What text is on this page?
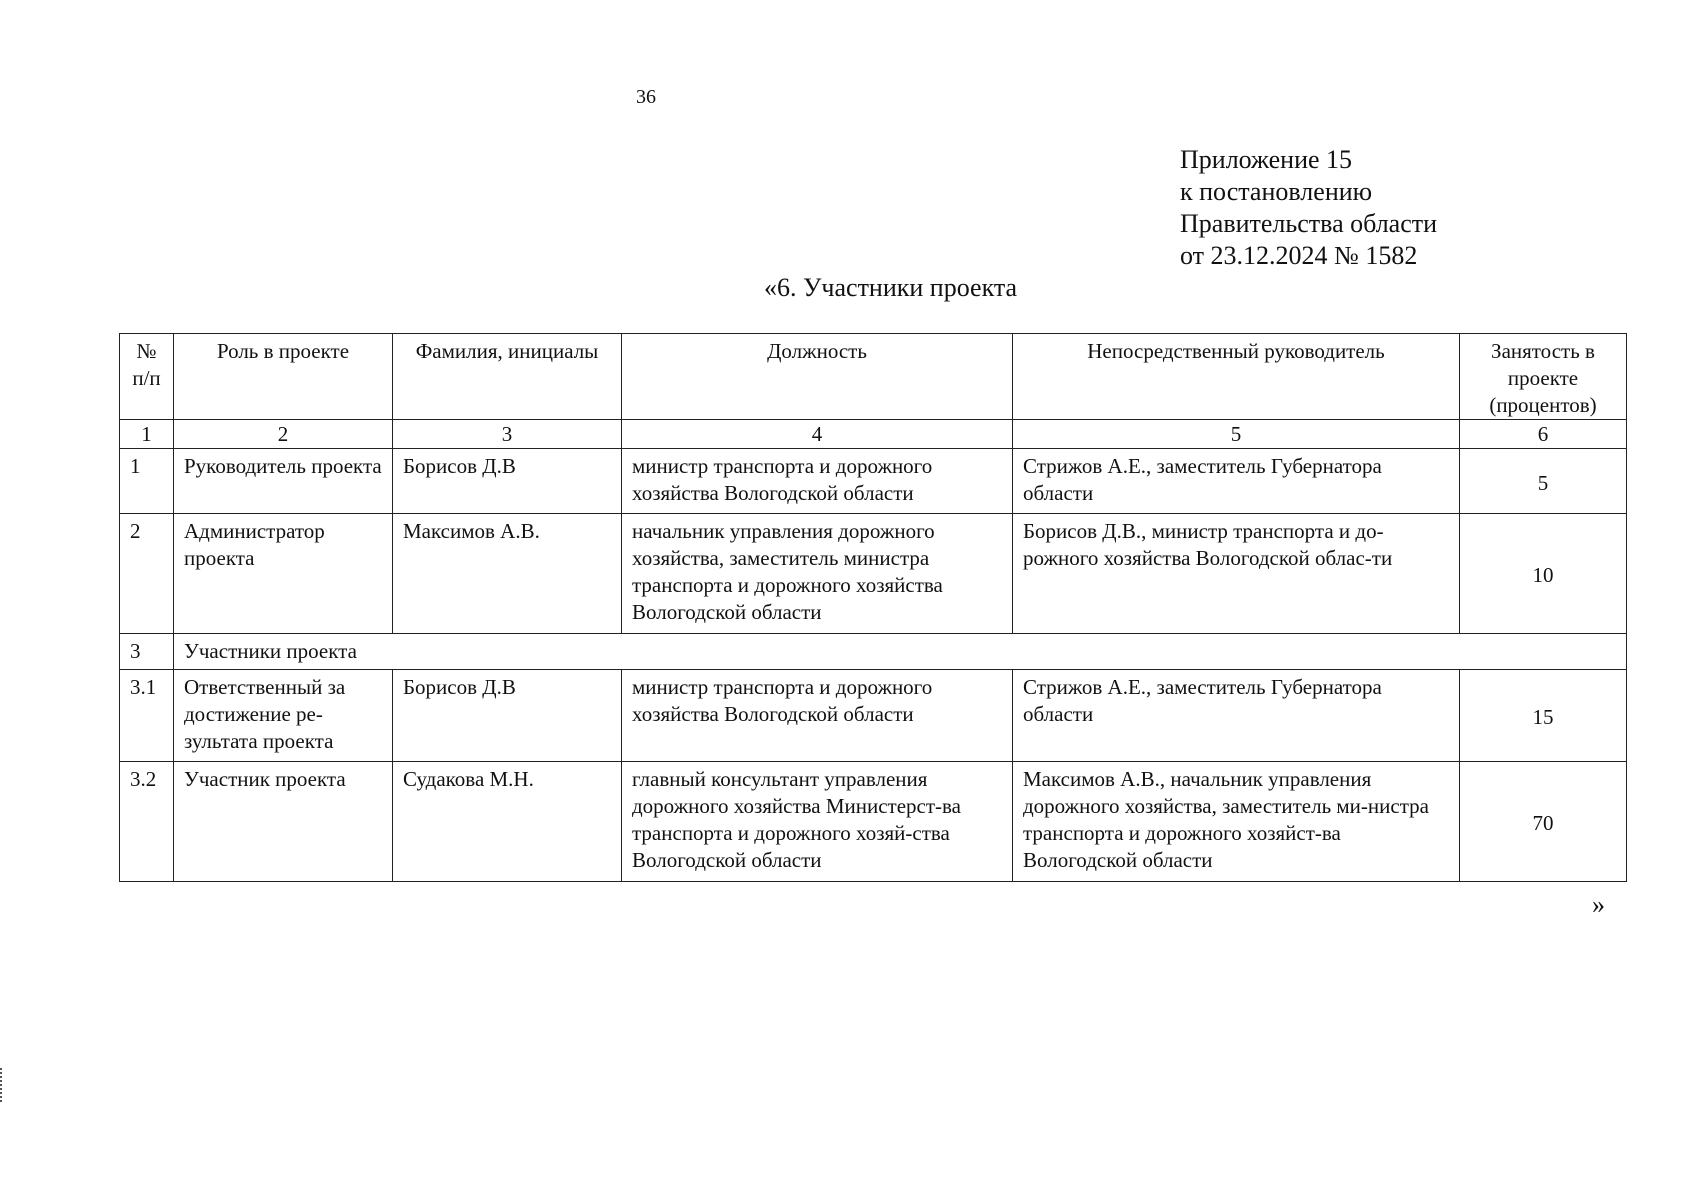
36
Приложение 15
к постановлению
Правительства области
от 23.12.2024 № 1582
«6. Участники проекта
№ п/п	Роль в проекте	Фамилия, инициалы	Должность	Непосредственный руководитель	Занятость в проекте (процентов)
1	2	3	4	5	6
1	Руководитель проекта	Борисов Д.В	министр транспорта и дорожного хозяйства Вологодской области	Стрижов А.Е., заместитель Губернатора области	5
2	Администратор проекта	Максимов А.В.	начальник управления дорожного хозяйства, заместитель министра транспорта и дорожного хозяйства Вологодской области	Борисов Д.В., министр транспорта и до-рожного хозяйства Вологодской облас-ти	10
3	Участники проекта				
3.1	Ответственный за достижение ре-зультата проекта	Борисов Д.В	министр транспорта и дорожного хозяйства Вологодской области	Стрижов А.Е., заместитель Губернатора области	15
3.2	Участник проекта	Судакова М.Н.	главный консультант управления дорожного хозяйства Министерст-ва транспорта и дорожного хозяй-ства Вологодской области	Максимов А.В., начальник управления дорожного хозяйства, заместитель ми-нистра транспорта и дорожного хозяйст-ва Вологодской области	70
»
